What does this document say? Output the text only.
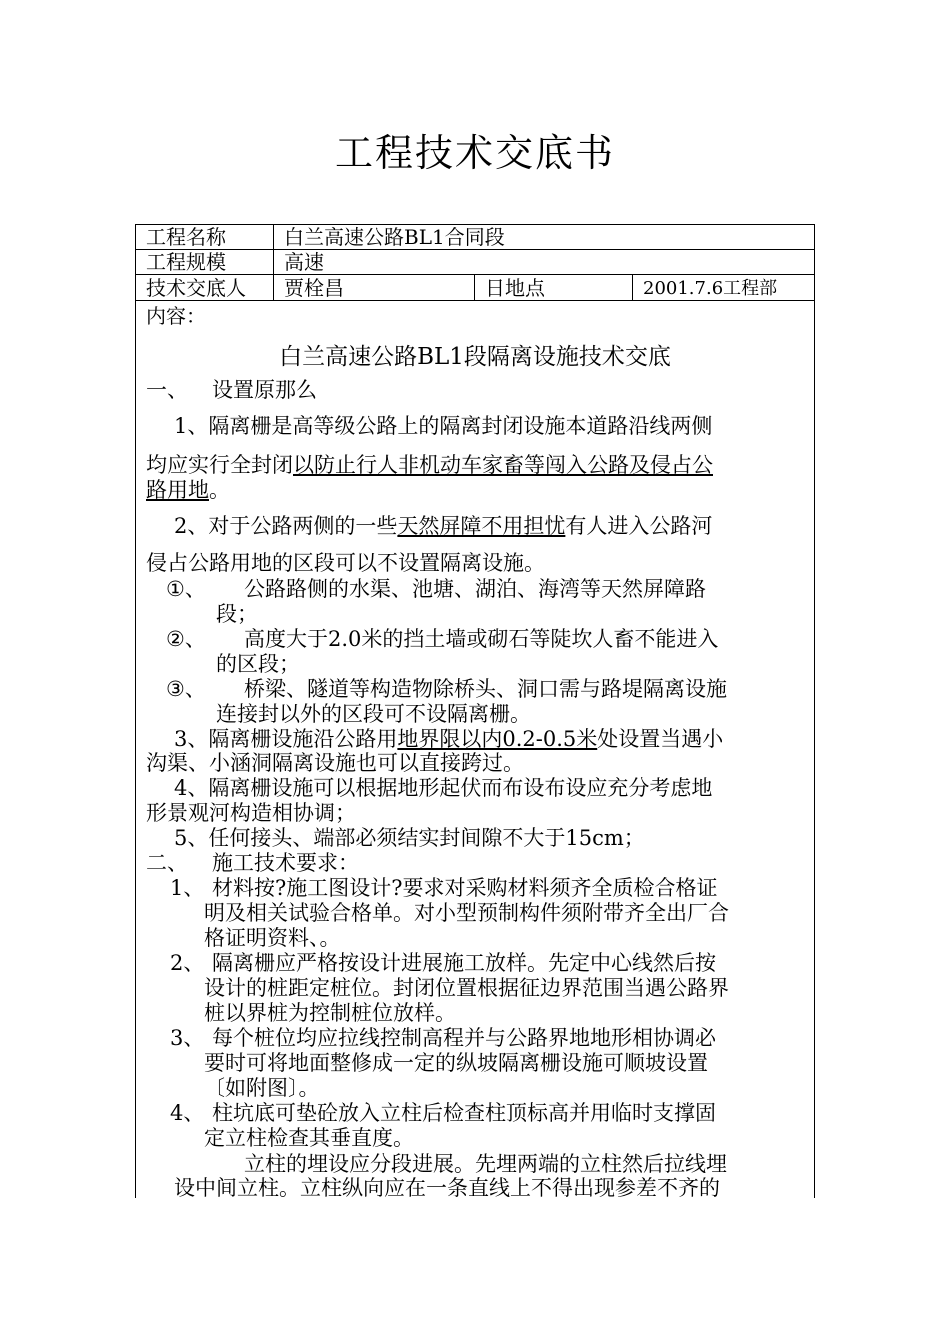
工程技术交底书
工程名称	白兰高速公路BL1合同段
工程规模	高速
技术交底人 贾栓昌	日地点	2001.7.6工程部
内容：
白兰高速公路BL1段隔离设施技术交底
一、 设置原那么
1、隔离栅是高等级公路上的隔离封闭设施本道路沿线两侧
均应实行全封闭以防止行人非机动车家畜等闯入公路及侵占公
路用地。
2、对于公路两侧的一些天然屏障不用担忧有人进入公路河
侵占公路用地的区段可以不设置隔离设施。
①、 公路路侧的水渠、池塘、湖泊、海湾等天然屏障路
段；
②、 高度大于2.0米的挡土墙或砌石等陡坎人畜不能进入
的区段；
③、 桥梁、隧道等构造物除桥头、洞口需与路堤隔离设施
连接封以外的区段可不设隔离栅。
3、隔离栅设施沿公路用地界限以内0.2-0.5米处设置当遇小
沟渠、小涵洞隔离设施也可以直接跨过。
4、隔离栅设施可以根据地形起伏而布设布设应充分考虑地
形景观河构造相协调；
5、任何接头、端部必须结实封间隙不大于15cm；
二、 施工技术要求：
1、 材料按?施工图设计?要求对采购材料须齐全质检合格证
明及相关试验合格单。对小型预制构件须附带齐全出厂合
格证明资料、。
2、 隔离栅应严格按设计进展施工放样。先定中心线然后按
设计的桩距定桩位。封闭位置根据征边界范围当遇公路界
桩以界桩为控制桩位放样。
3、 每个桩位均应拉线控制高程并与公路界地地形相协调必
要时可将地面整修成一定的纵坡隔离栅设施可顺坡设置
〔如附图〕。
4、 柱坑底可垫砼放入立柱后检查柱顶标高并用临时支撑固
定立柱检查其垂直度。
立柱的埋设应分段进展。先埋两端的立柱然后拉线埋
设中间立柱。立柱纵向应在一条直线上不得出现参差不齐的
